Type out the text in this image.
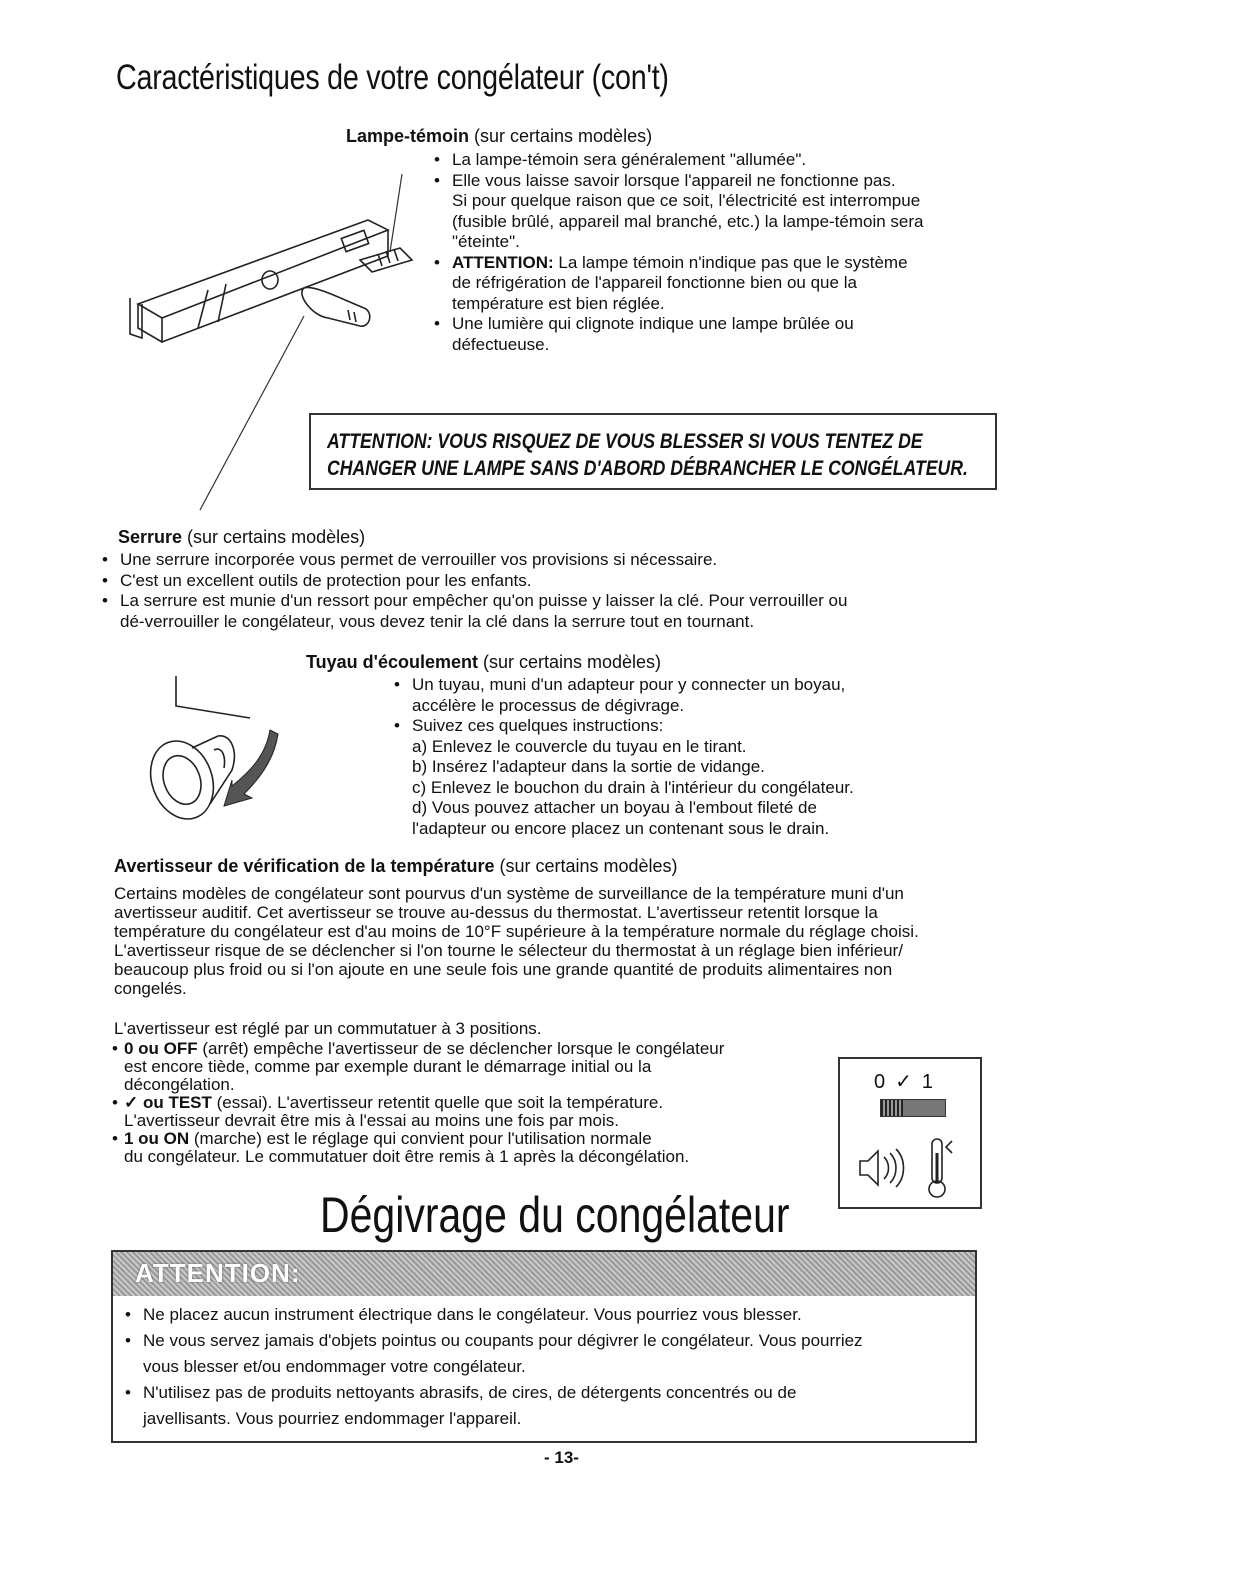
Caractéristiques de votre congélateur (con't)
Lampe-témoin (sur certains modèles)
• La lampe-témoin sera généralement "allumée".
• Elle vous laisse savoir lorsque l'appareil ne fonctionne pas.
Si pour quelque raison que ce soit, l'électricité est interrompue
(fusible brûlé, appareil mal branché, etc.) la lampe-témoin sera
"éteinte".
• ATTENTION: La lampe témoin n'indique pas que le système
de réfrigération de l'appareil fonctionne bien ou que la
température est bien réglée.
• Une lumière qui clignote indique une lampe brûlée ou
défectueuse.
ATTENTION: VOUS RISQUEZ DE VOUS BLESSER SI VOUS TENTEZ DE
CHANGER UNE LAMPE SANS D'ABORD DÉBRANCHER LE CONGÉLATEUR.
Serrure (sur certains modèles)
• Une serrure incorporée vous permet de verrouiller vos provisions si nécessaire.
• C'est un excellent outils de protection pour les enfants.
• La serrure est munie d'un ressort pour empêcher qu'on puisse y laisser la clé. Pour verrouiller ou
dé-verrouiller le congélateur, vous devez tenir la clé dans la serrure tout en tournant.
Tuyau d'écoulement (sur certains modèles)
• Un tuyau, muni d'un adapteur pour y connecter un boyau,
accélère le processus de dégivrage.
• Suivez ces quelques instructions:
a) Enlevez le couvercle du tuyau en le tirant.
b) Insérez l'adapteur dans la sortie de vidange.
c) Enlevez le bouchon du drain à l'intérieur du congélateur.
d) Vous pouvez attacher un boyau à l'embout fileté de
l'adapteur ou encore placez un contenant sous le drain.
Avertisseur de vérification de la température (sur certains modèles)
Certains modèles de congélateur sont pourvus d'un système de surveillance de la température muni d'un
avertisseur auditif. Cet avertisseur se trouve au-dessus du thermostat. L'avertisseur retentit lorsque la
température du congélateur est d'au moins de 10°F supérieure à la température normale du réglage choisi.
L'avertisseur risque de se déclencher si l'on tourne le sélecteur du thermostat à un réglage bien inférieur/
beaucoup plus froid ou si l'on ajoute en une seule fois une grande quantité de produits alimentaires non
congelés.
L'avertisseur est réglé par un commutatuer à 3 positions.
• 0 ou OFF (arrêt) empêche l'avertisseur de se déclencher lorsque le congélateur
est encore tiède, comme par exemple durant le démarrage initial ou la
décongélation.
• ✓ ou TEST (essai). L'avertisseur retentit quelle que soit la température.
L'avertisseur devrait être mis à l'essai au moins une fois par mois.
• 1 ou ON (marche) est le réglage qui convient pour l'utilisation normale
du congélateur. Le commutatuer doit être remis à 1 après la décongélation.
0✓1
Dégivrage du congélateur
ATTENTION:
• Ne placez aucun instrument électrique dans le congélateur. Vous pourriez vous blesser.
• Ne vous servez jamais d'objets pointus ou coupants pour dégivrer le congélateur. Vous pourriez
vous blesser et/ou endommager votre congélateur.
• N'utilisez pas de produits nettoyants abrasifs, de cires, de détergents concentrés ou de
javellisants. Vous pourriez endommager l'appareil.
- 13-
